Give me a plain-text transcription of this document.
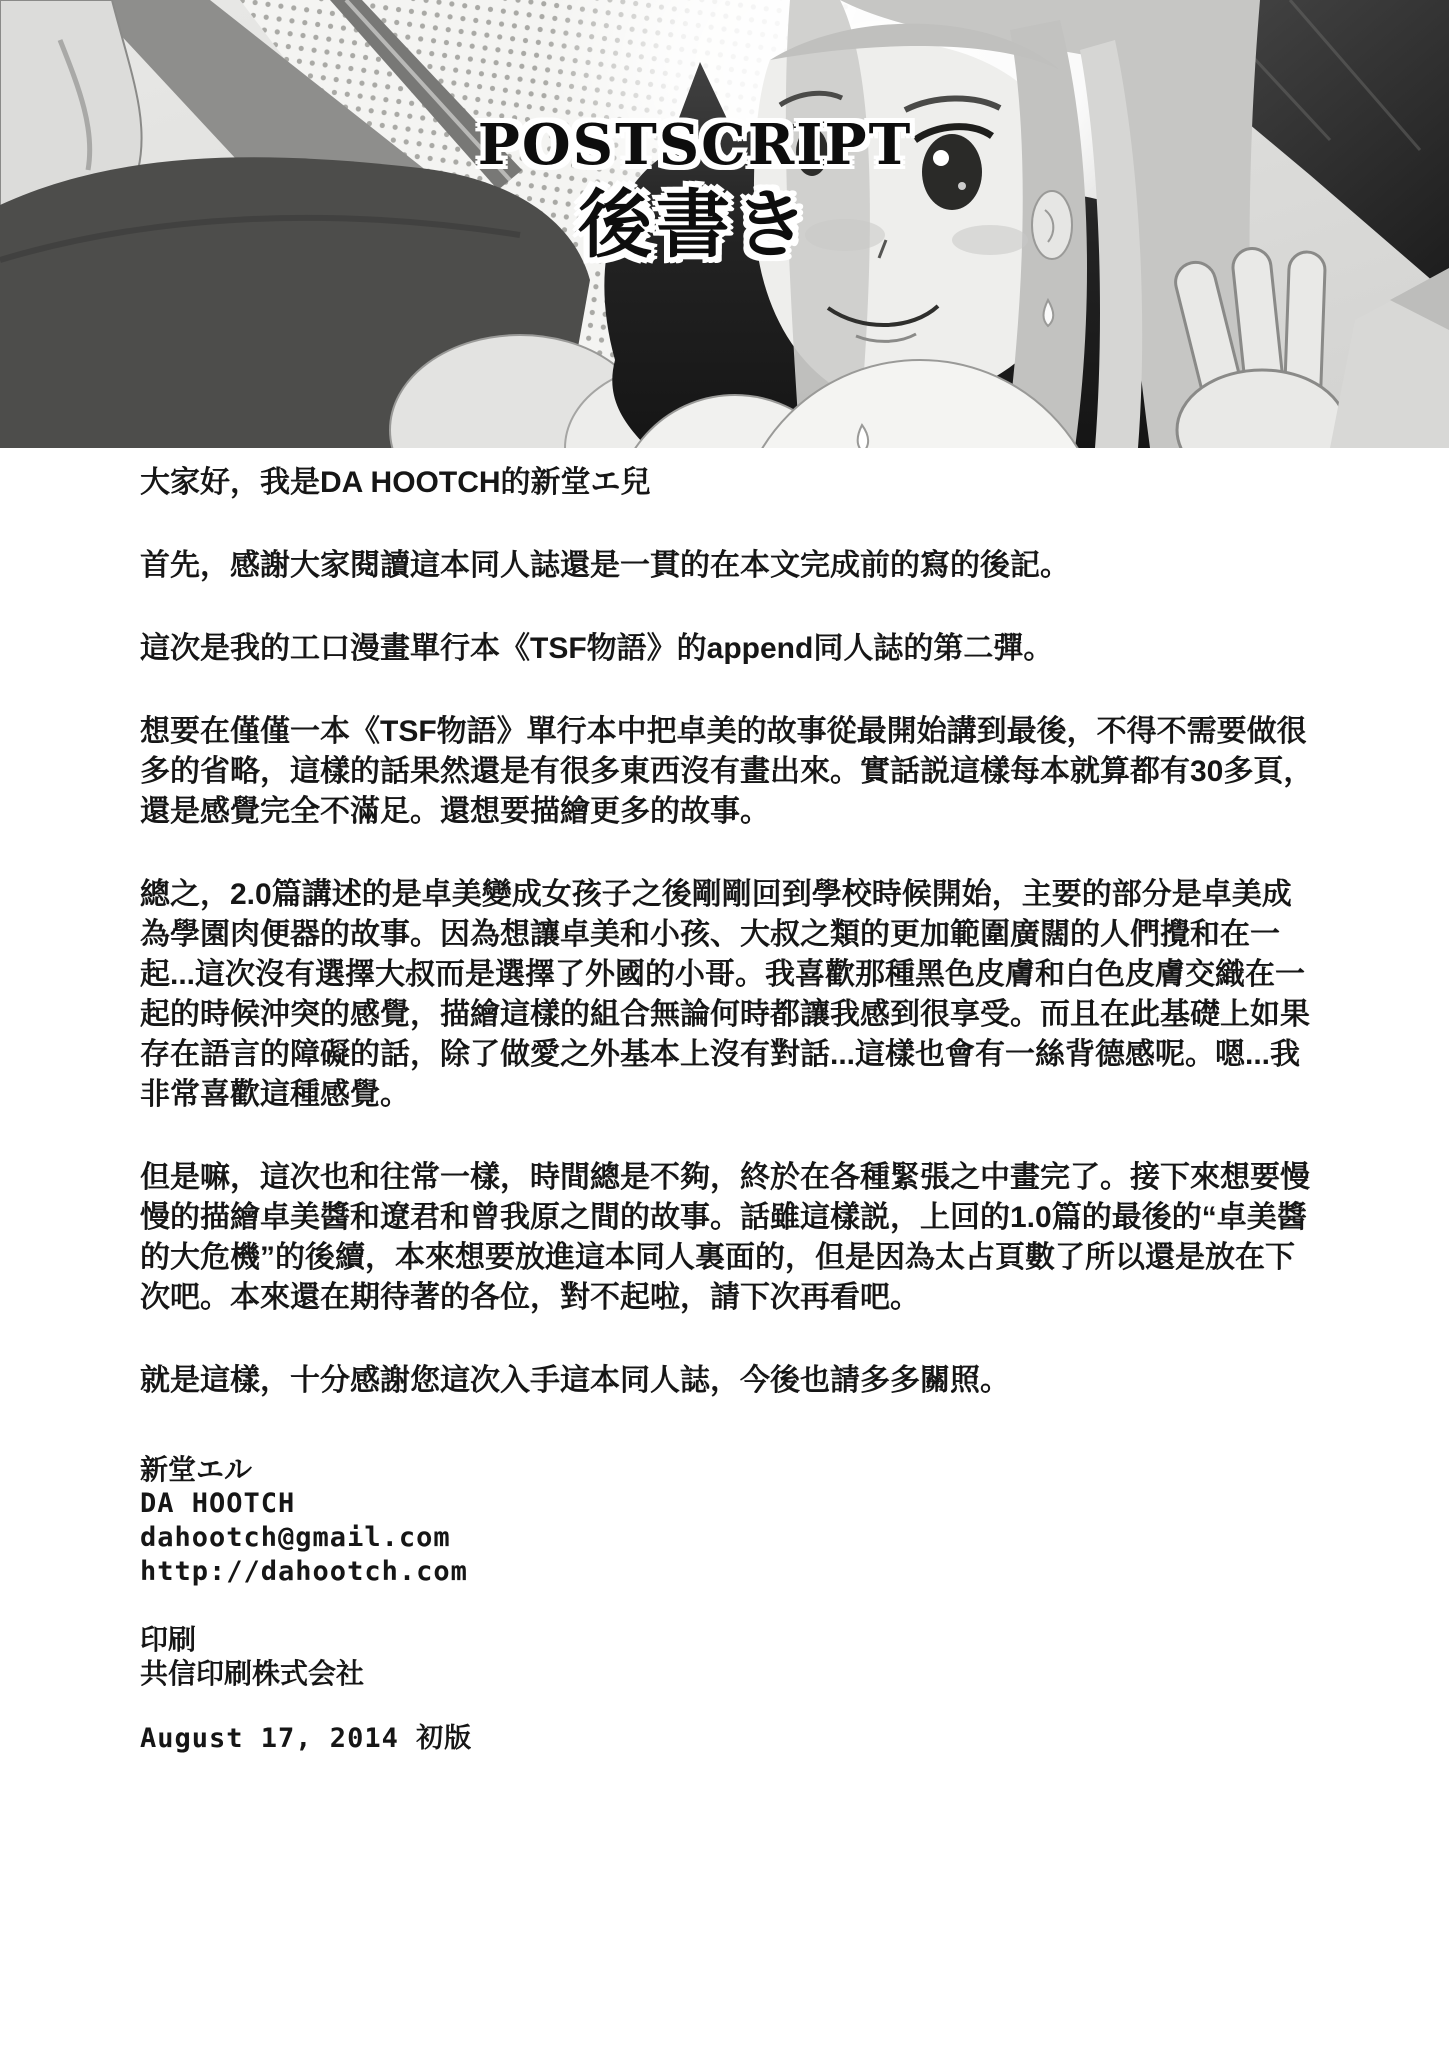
POSTSCRIPT
後書き

大家好，我是DA HOOTCH的新堂エ兒

首先，感謝大家閱讀這本同人誌還是一貫的在本文完成前的寫的後記。

這次是我的工口漫畫單行本《TSF物語》的append同人誌的第二彈。

想要在僅僅一本《TSF物語》單行本中把卓美的故事從最開始講到最後，不得不需要做很多的省略，這樣的話果然還是有很多東西沒有畫出來。實話説這樣每本就算都有30多頁，還是感覺完全不滿足。還想要描繪更多的故事。

總之，2.0篇講述的是卓美變成女孩子之後剛剛回到學校時候開始，主要的部分是卓美成為學園肉便器的故事。因為想讓卓美和小孩、大叔之類的更加範圍廣闊的人們攪和在一起...這次沒有選擇大叔而是選擇了外國的小哥。我喜歡那種黑色皮膚和白色皮膚交織在一起的時候沖突的感覺，描繪這樣的組合無論何時都讓我感到很享受。而且在此基礎上如果存在語言的障礙的話，除了做愛之外基本上沒有對話...這樣也會有一絲背德感呢。嗯...我非常喜歡這種感覺。

但是嘛，這次也和往常一樣，時間總是不夠，終於在各種緊張之中畫完了。接下來想要慢慢的描繪卓美醬和遼君和曾我原之間的故事。話雖這樣説，上回的1.0篇的最後的“卓美醬的大危機”的後續，本來想要放進這本同人裏面的，但是因為太占頁數了所以還是放在下次吧。本來還在期待著的各位，對不起啦，請下次再看吧。

就是這樣，十分感謝您這次入手這本同人誌，今後也請多多關照。

新堂エル
DA HOOTCH
dahootch@gmail.com
http://dahootch.com
印刷
共信印刷株式会社
August 17, 2014 初版
